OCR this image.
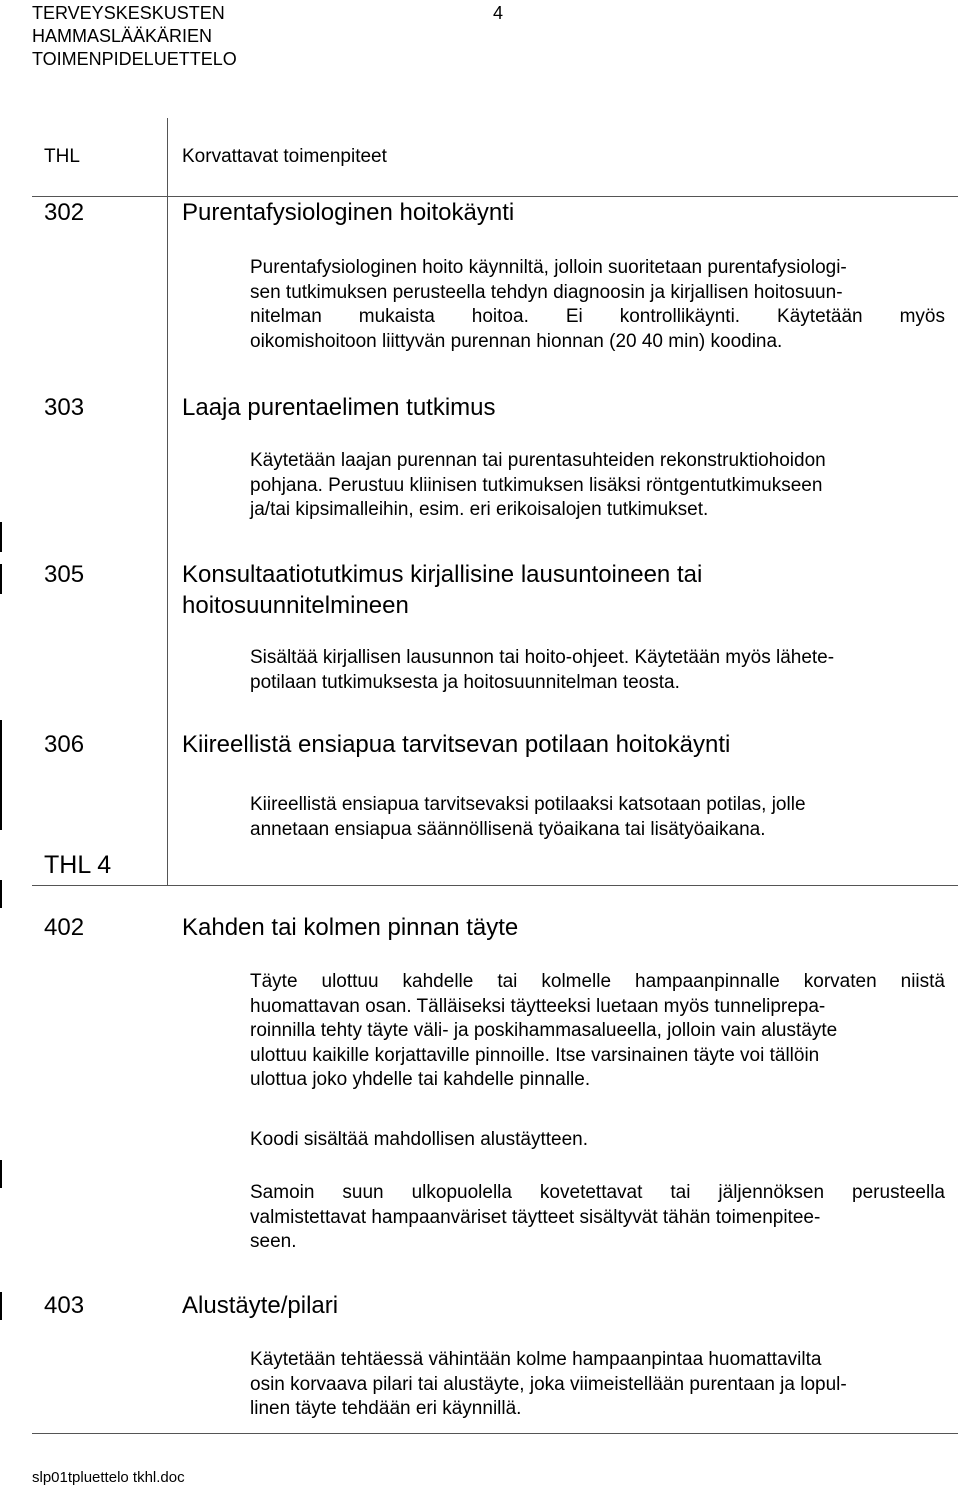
TERVEYSKESKUSTEN
HAMMASLÄÄKÄRIEN
TOIMENPIDELUETTELO
4
THL	Korvattavat toimenpiteet
302	Purentafysiologinen hoitokäynti
Purentafysiologinen hoito käynniltä, jolloin suoritetaan purentafysiologi-
sen tutkimuksen perusteella tehdyn diagnoosin ja kirjallisen hoitosuun-
nitelman mukaista hoitoa. Ei kontrollikäynti. Käytetään myös
oikomishoitoon liittyvän purennan hionnan (20 40 min) koodina.
303	Laaja purentaelimen tutkimus
Käytetään laajan purennan tai purentasuhteiden rekonstruktiohoidon
pohjana. Perustuu kliinisen tutkimuksen lisäksi röntgentutkimukseen
ja/tai kipsimalleihin, esim. eri erikoisalojen tutkimukset.
305	Konsultaatiotutkimus kirjallisine lausuntoineen tai
hoitosuunnitelmineen
Sisältää kirjallisen lausunnon tai hoito-ohjeet. Käytetään myös lähete-
potilaan tutkimuksesta ja hoitosuunnitelman teosta.
306	Kiireellistä ensiapua tarvitsevan potilaan hoitokäynti
Kiireellistä ensiapua tarvitsevaksi potilaaksi katsotaan potilas, jolle
annetaan ensiapua säännöllisenä työaikana tai lisätyöaikana.
THL 4
402	Kahden tai kolmen pinnan täyte
Täyte ulottuu kahdelle tai kolmelle hampaanpinnalle korvaten niistä
huomattavan osan. Tälläiseksi täytteeksi luetaan myös tunneliprepa-
roinnilla tehty täyte väli- ja poskihammasalueella, jolloin vain alustäyte
ulottuu kaikille korjattaville pinnoille. Itse varsinainen täyte voi tällöin
ulottua joko yhdelle tai kahdelle pinnalle.
Koodi sisältää mahdollisen alustäytteen.
Samoin suun ulkopuolella kovetettavat tai jäljennöksen perusteella
valmistettavat hampaanväriset täytteet sisältyvät tähän toimenpitee-
seen.
403	Alustäyte/pilari
Käytetään tehtäessä vähintään kolme hampaanpintaa huomattavilta
osin korvaava pilari tai alustäyte, joka viimeistellään purentaan ja lopul-
linen täyte tehdään eri käynnillä.
slp01tpluettelo tkhl.doc
